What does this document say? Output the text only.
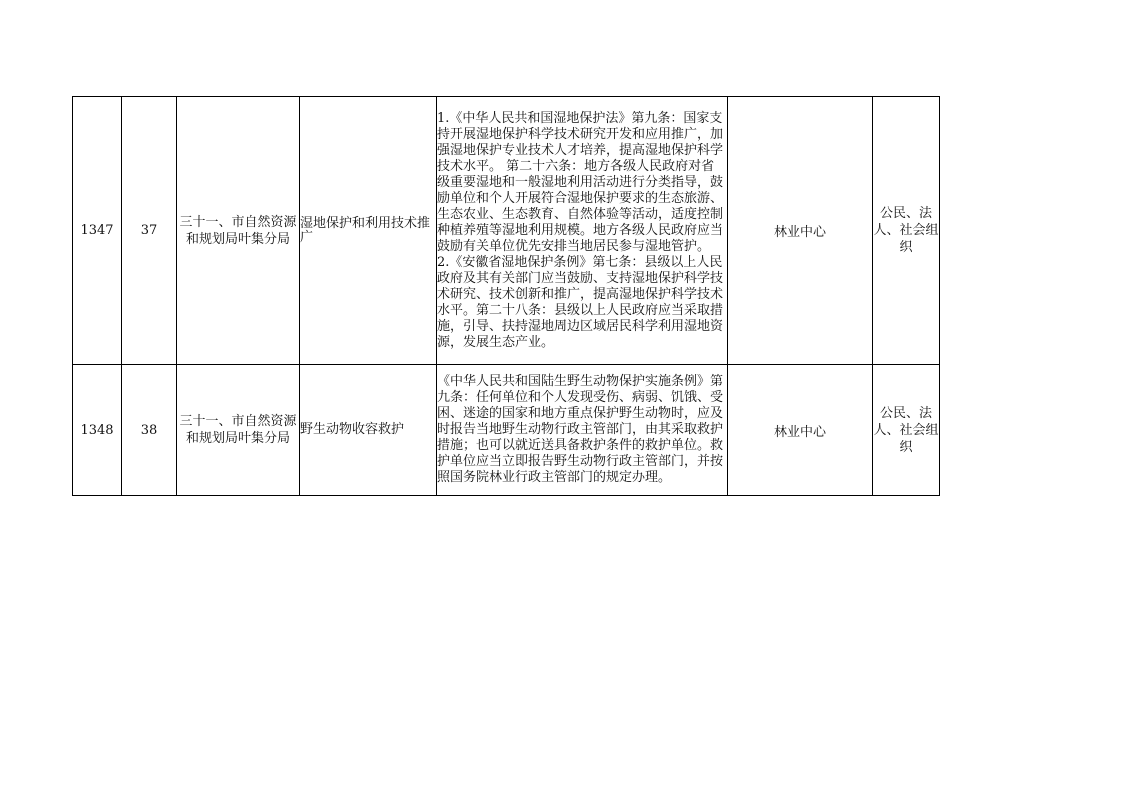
1347	37	三十一、市自然资源和规划局叶集分局	湿地保护和利用技术推广	1.《中华人民共和国湿地保护法》第九条：国家支持开展湿地保护科学技术研究开发和应用推广，加强湿地保护专业技术人才培养，提高湿地保护科学技术水平。 第二十六条：地方各级人民政府对省级重要湿地和一般湿地利用活动进行分类指导，鼓励单位和个人开展符合湿地保护要求的生态旅游、生态农业、生态教育、自然体验等活动，适度控制种植养殖等湿地利用规模。地方各级人民政府应当鼓励有关单位优先安排当地居民参与湿地管护。
2.《安徽省湿地保护条例》第七条：县级以上人民政府及其有关部门应当鼓励、支持湿地保护科学技术研究、技术创新和推广，提高湿地保护科学技术水平。第二十八条：县级以上人民政府应当采取措施，引导、扶持湿地周边区域居民科学利用湿地资源，发展生态产业。	林业中心	公民、法人、社会组织
1348	38	三十一、市自然资源和规划局叶集分局	野生动物收容救护	《中华人民共和国陆生野生动物保护实施条例》第九条：任何单位和个人发现受伤、病弱、饥饿、受困、迷途的国家和地方重点保护野生动物时，应及时报告当地野生动物行政主管部门，由其采取救护措施；也可以就近送具备救护条件的救护单位。救护单位应当立即报告野生动物行政主管部门，并按照国务院林业行政主管部门的规定办理。	林业中心	公民、法人、社会组织
